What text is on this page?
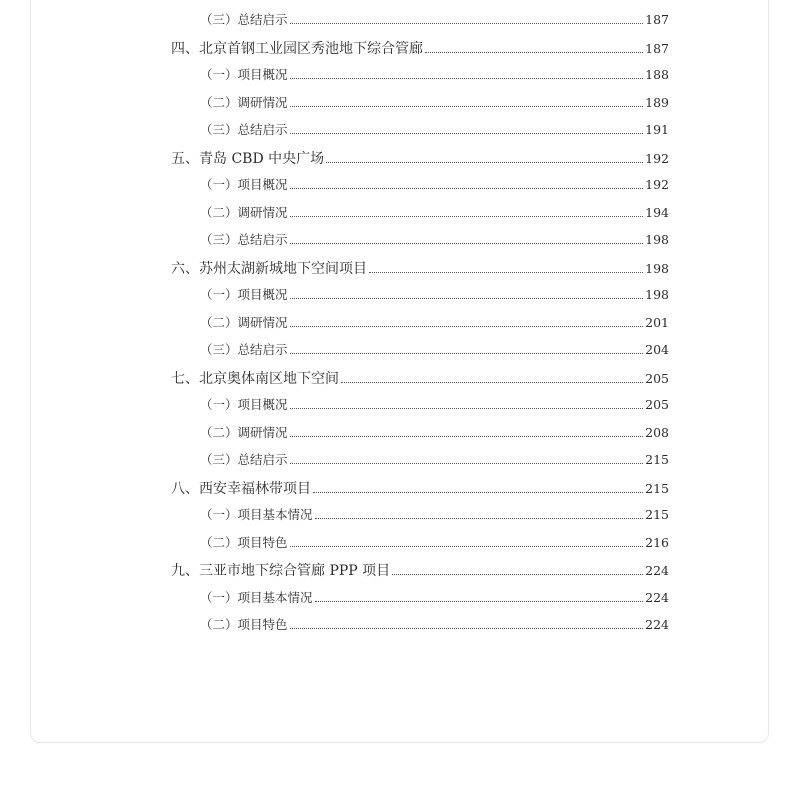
（三）总结启示	187
四、北京首钢工业园区秀池地下综合管廊	187
（一）项目概况	188
（二）调研情况	189
（三）总结启示	191
五、青岛 CBD 中央广场	192
（一）项目概况	192
（二）调研情况	194
（三）总结启示	198
六、苏州太湖新城地下空间项目	198
（一）项目概况	198
（二）调研情况	201
（三）总结启示	204
七、北京奥体南区地下空间	205
（一）项目概况	205
（二）调研情况	208
（三）总结启示	215
八、西安幸福林带项目	215
（一）项目基本情况	215
（二）项目特色	216
九、三亚市地下综合管廊 PPP 项目	224
（一）项目基本情况	224
（二）项目特色	224
